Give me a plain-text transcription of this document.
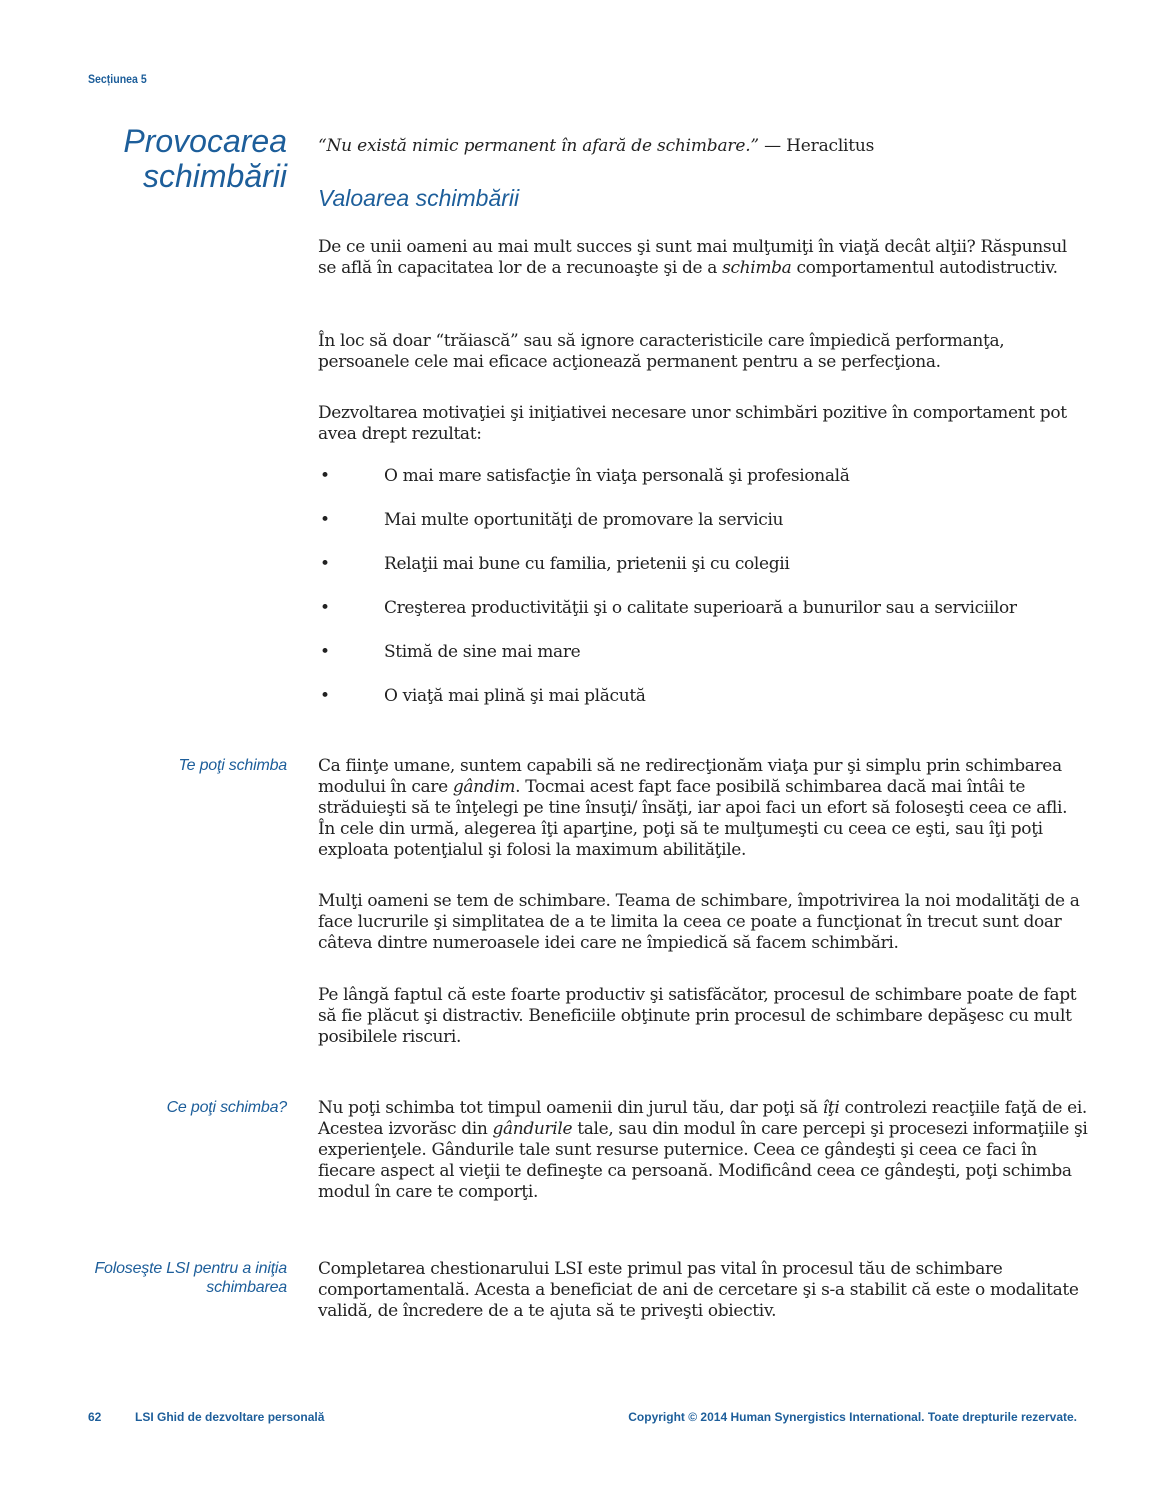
Secțiunea 5
Provocarea
schimbării
“Nu există nimic permanent în afară de schimbare.” — Heraclitus
Valoarea schimbării

De ce unii oameni au mai mult succes şi sunt mai mulţumiţi în viaţă decât alţii? Răspunsul se află în capacitatea lor de a recunoaşte şi de a schimba comportamentul autodistructiv.

În loc să doar “trăiască” sau să ignore caracteristicile care împiedică performanţa, persoanele cele mai eficace acţionează permanent pentru a se perfecţiona.

Dezvoltarea motivaţiei şi iniţiativei necesare unor schimbări pozitive în comportament pot avea drept rezultat:

•	O mai mare satisfacţie în viaţa personală şi profesională
•	Mai multe oportunităţi de promovare la serviciu
•	Relaţii mai bune cu familia, prietenii şi cu colegii
•	Creşterea productivităţii şi o calitate superioară a bunurilor sau a serviciilor
•	Stimă de sine mai mare
•	O viaţă mai plină şi mai plăcută
Te poţi schimba Ca fiinţe umane, suntem capabili să ne redirecţionăm viaţa pur şi simplu prin schimbarea modului în care gândim. Tocmai acest fapt face posibilă schimbarea dacă mai întâi te străduieşti să te înţelegi pe tine însuţi/ însăţi, iar apoi faci un efort să foloseşti ceea ce afli. În cele din urmă, alegerea îţi aparţine, poţi să te mulţumeşti cu ceea ce eşti, sau îţi poţi exploata potenţialul şi folosi la maximum abilităţile.

Mulţi oameni se tem de schimbare. Teama de schimbare, împotrivirea la noi modalităţi de a face lucrurile şi simplitatea de a te limita la ceea ce poate a funcţionat în trecut sunt doar câteva dintre numeroasele idei care ne împiedică să facem schimbări.

Pe lângă faptul că este foarte productiv şi satisfăcător, procesul de schimbare poate de fapt să fie plăcut şi distractiv. Beneficiile obţinute prin procesul de schimbare depăşesc cu mult posibilele riscuri.

Ce poţi schimba? Nu poţi schimba tot timpul oamenii din jurul tău, dar poţi să îţi controlezi reacţiile faţă de ei. Acestea izvorăsc din gândurile tale, sau din modul în care percepi şi procesezi informaţiile şi experienţele. Gândurile tale sunt resurse puternice. Ceea ce gândeşti şi ceea ce faci în fiecare aspect al vieţii te defineşte ca persoană. Modificând ceea ce gândeşti, poţi schimba modul în care te comporţi.

Foloseşte LSI pentru a iniţia
schimbarea

Completarea chestionarului LSI este primul pas vital în procesul tău de schimbare comportamentală. Acesta a beneficiat de ani de cercetare şi s-a stabilit că este o modalitate validă, de încredere de a te ajuta să te priveşti obiectiv.

62	LSI Ghid de dezvoltare personală	Copyright © 2014 Human Synergistics International. Toate drepturile rezervate.
